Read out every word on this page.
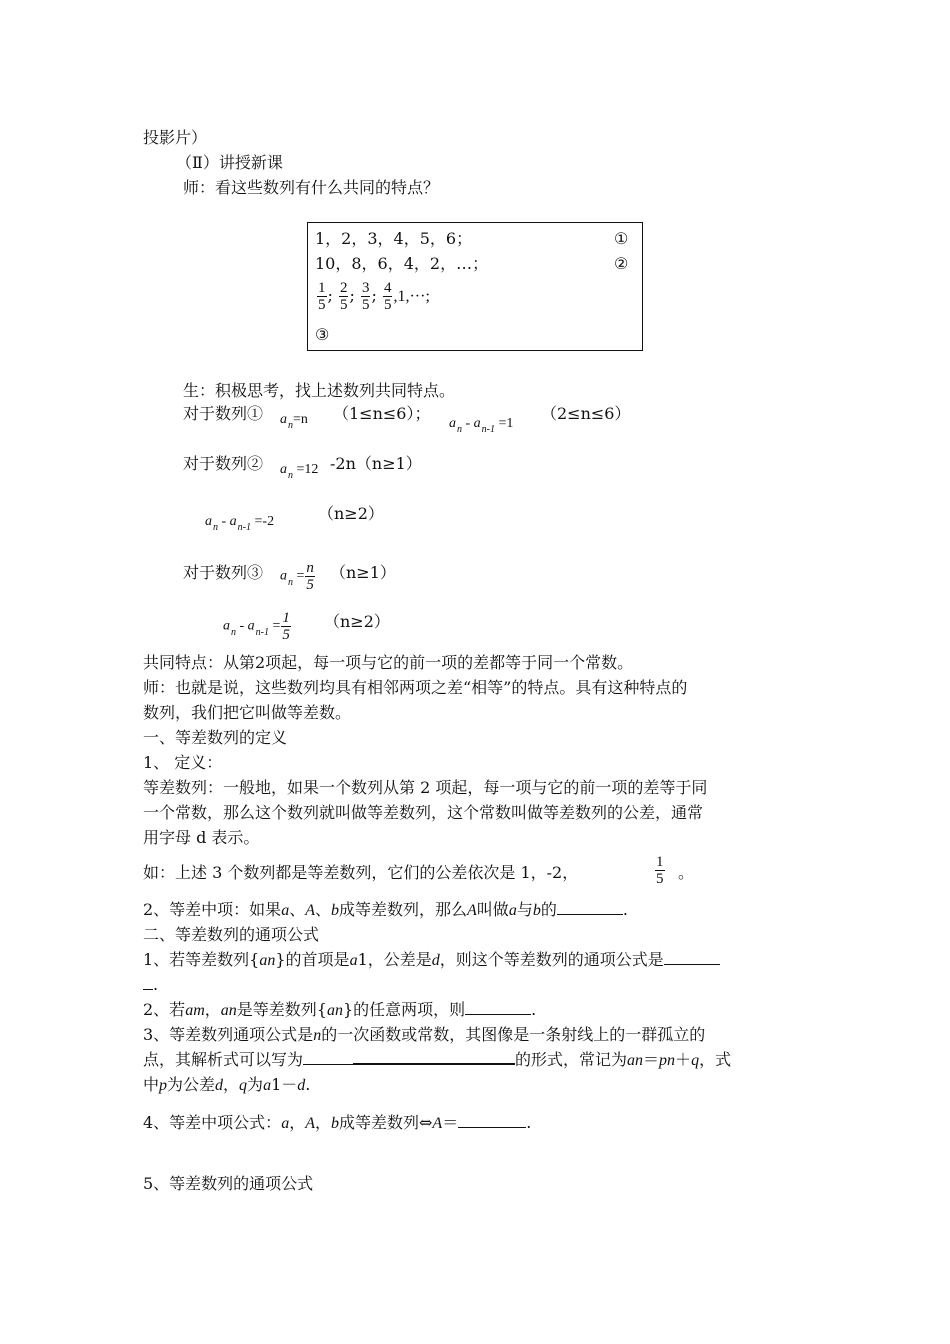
投影片）
（Ⅱ）讲授新课
师：看这些数列有什么共同的特点？
1，2，3，4，5，6；	①
10，8，6，4，2，…；	②
$\frac{1}{5}$ ; $\frac{2}{5}$ ; $\frac{3}{5}$ ; $\frac{4}{5} ,1,\cdot\cdot\cdot$;
③
生：积极思考，找上述数列共同特点。
对于数列① $a_n=n$ （1≤n≤6）；
$a_n - a_{n-1} =1$
（2≤n≤6）
对于数列② $a_n =12$ -2n（n≥1）
$a_n - a_{n-1} =-2$	（n≥2）
对于数列③ $a_n = \frac{n}{5} (n\ge 1)$
$a_n - a_{n-1} = \frac{1}{5} (n\ge 2)$
共同特点：从第2项起，每一项与它的前一项的差都等于同一个常数。
师：也就是说，这些数列均具有相邻两项之差“相等”的特点。具有这种特点的
数列，我们把它叫做等差数。
一、等差数列的定义
1、 定义：
等差数列：一般地，如果一个数列从第 2 项起，每一项与它的前一项的差等于同
一个常数，那么这个数列就叫做等差数列，这个常数叫做等差数列的公差，通常
用字母 d 表示。
如：上述 3 个数列都是等差数列，它们的公差依次是 1，-2，	$\frac{1}{5}$ 。
2、等差中项：如果a、A、b成等差数列，那么A叫做a与b的	.
二、等差数列的通项公式
1、若等差数列{an}的首项是a1，公差是d，则这个等差数列的通项公式是
.
2、若am，an是等差数列{an}的任意两项，则	.
3、等差数列通项公式是n的一次函数或常数，其图像是一条射线上的一群孤立的
点，其解析式可以写为	的形式，常记为an＝pn＋q，式
中p为公差d，q为a1－d.
4、等差中项公式：a，A，b成等差数列⇔A＝	.
5、等差数列的通项公式
